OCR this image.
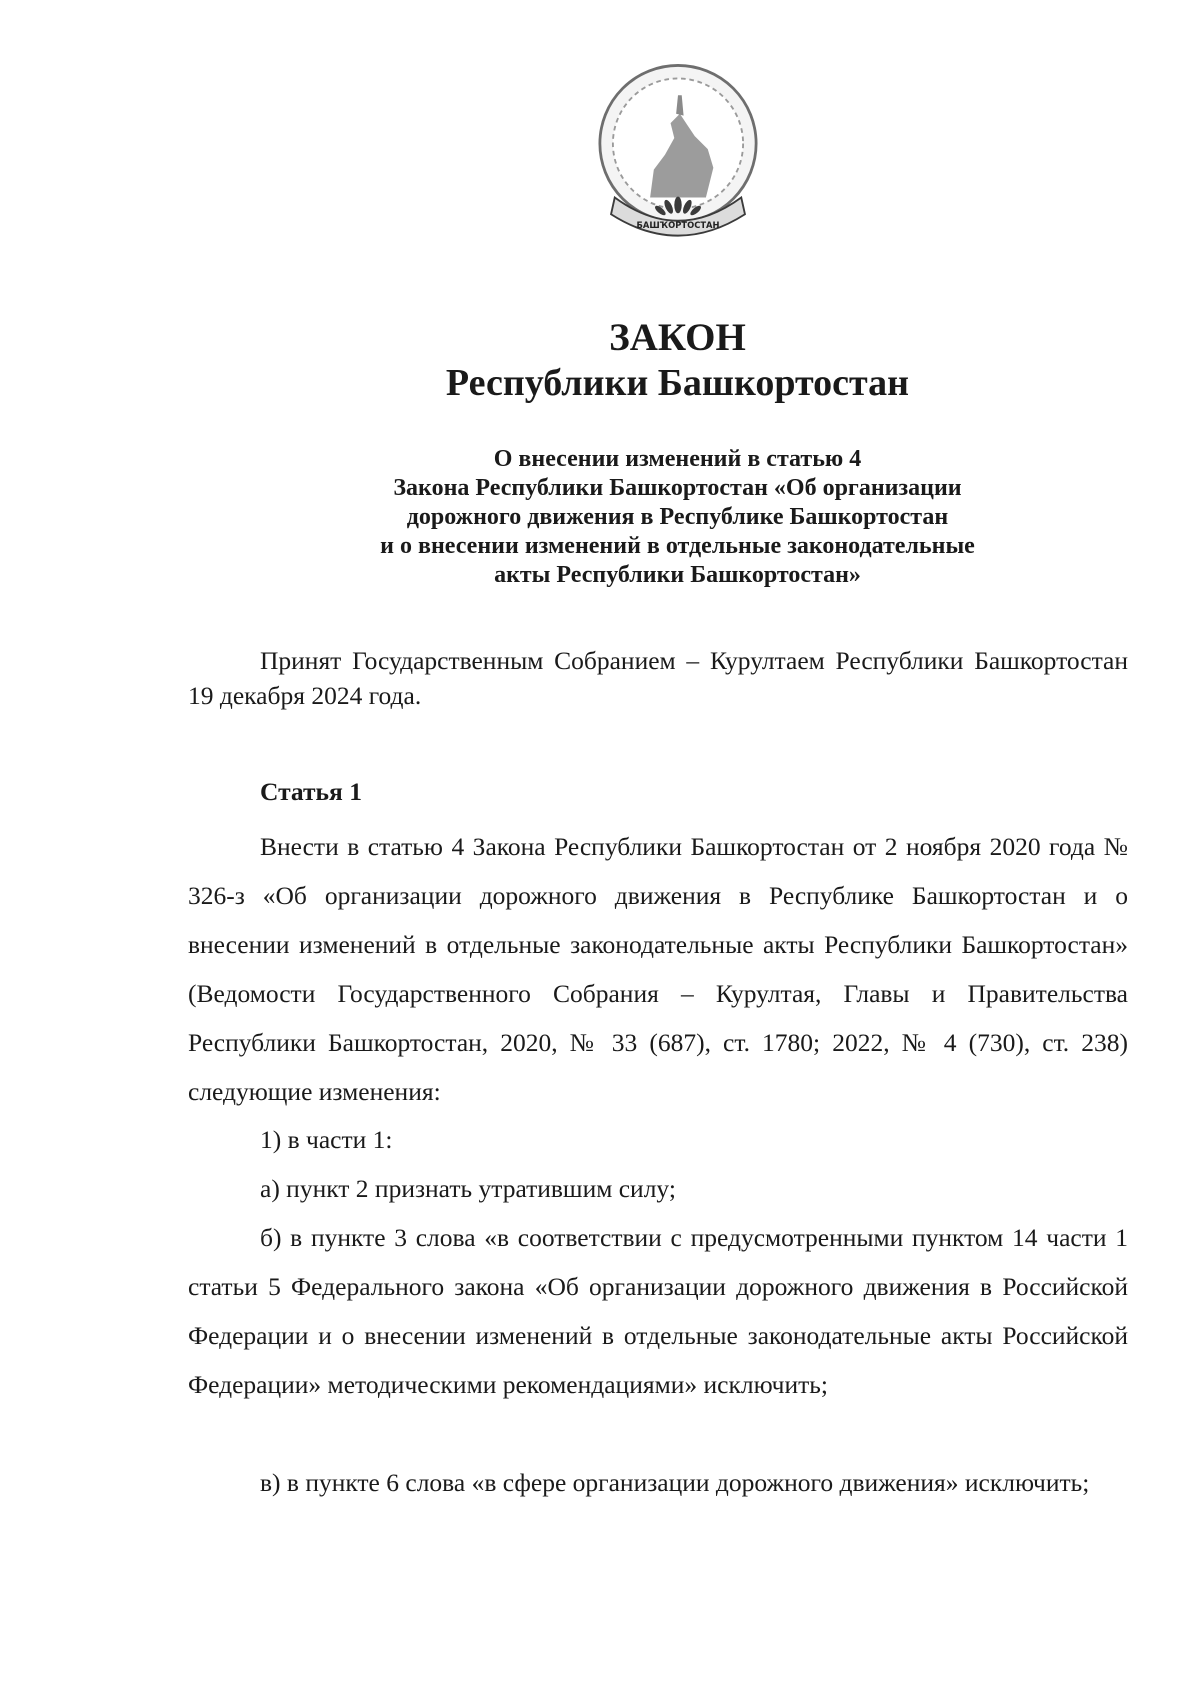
БАШҠОРТОСТАН
ЗАКОН
Республики Башкортостан
О внесении изменений в статью 4
Закона Республики Башкортостан «Об организации
дорожного движения в Республике Башкортостан
и о внесении изменений в отдельные законодательные
акты Республики Башкортостан»
Принят Государственным Собранием – Курултаем Республики Башкортостан 19 декабря 2024 года.
Статья 1
Внести в статью 4 Закона Республики Башкортостан от 2 ноября 2020 года № 326-з «Об организации дорожного движения в Республике Башкортостан и о внесении изменений в отдельные законодательные акты Республики Башкортостан» (Ведомости Государственного Собрания – Курултая, Главы и Правительства Республики Башкортостан, 2020, № 33 (687), ст. 1780; 2022, № 4 (730), ст. 238) следующие изменения:
1) в части 1:
а) пункт 2 признать утратившим силу;
б) в пункте 3 слова «в соответствии с предусмотренными пунктом 14 части 1 статьи 5 Федерального закона «Об организации дорожного движения в Российской Федерации и о внесении изменений в отдельные законодательные акты Российской Федерации» методическими рекомендациями» исключить;
в) в пункте 6 слова «в сфере организации дорожного движения» исключить;
